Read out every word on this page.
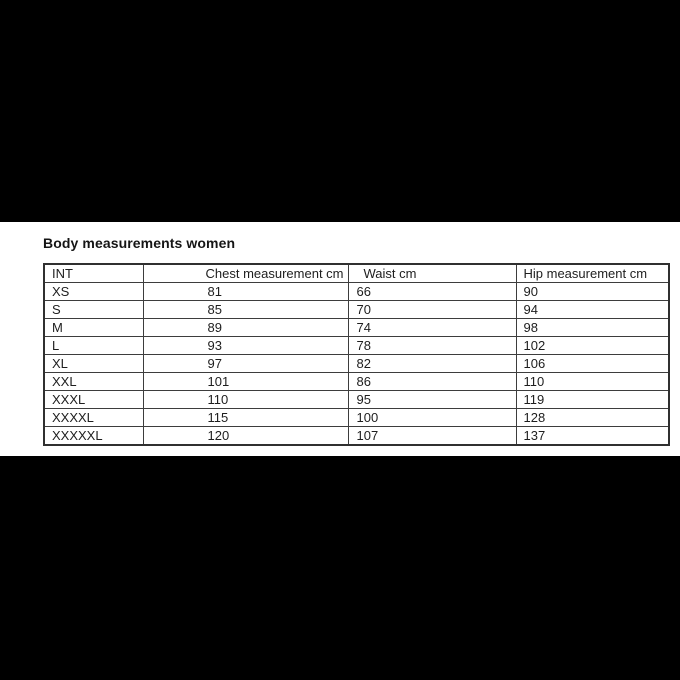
Body measurements women
INT	Chest measurement cm	Waist cm	Hip measurement cm
XS	81	66	90
S	85	70	94
M	89	74	98
L	93	78	102
XL	97	82	106
XXL	101	86	110
XXXL	110	95	119
XXXXL	115	100	128
XXXXXL	120	107	137
